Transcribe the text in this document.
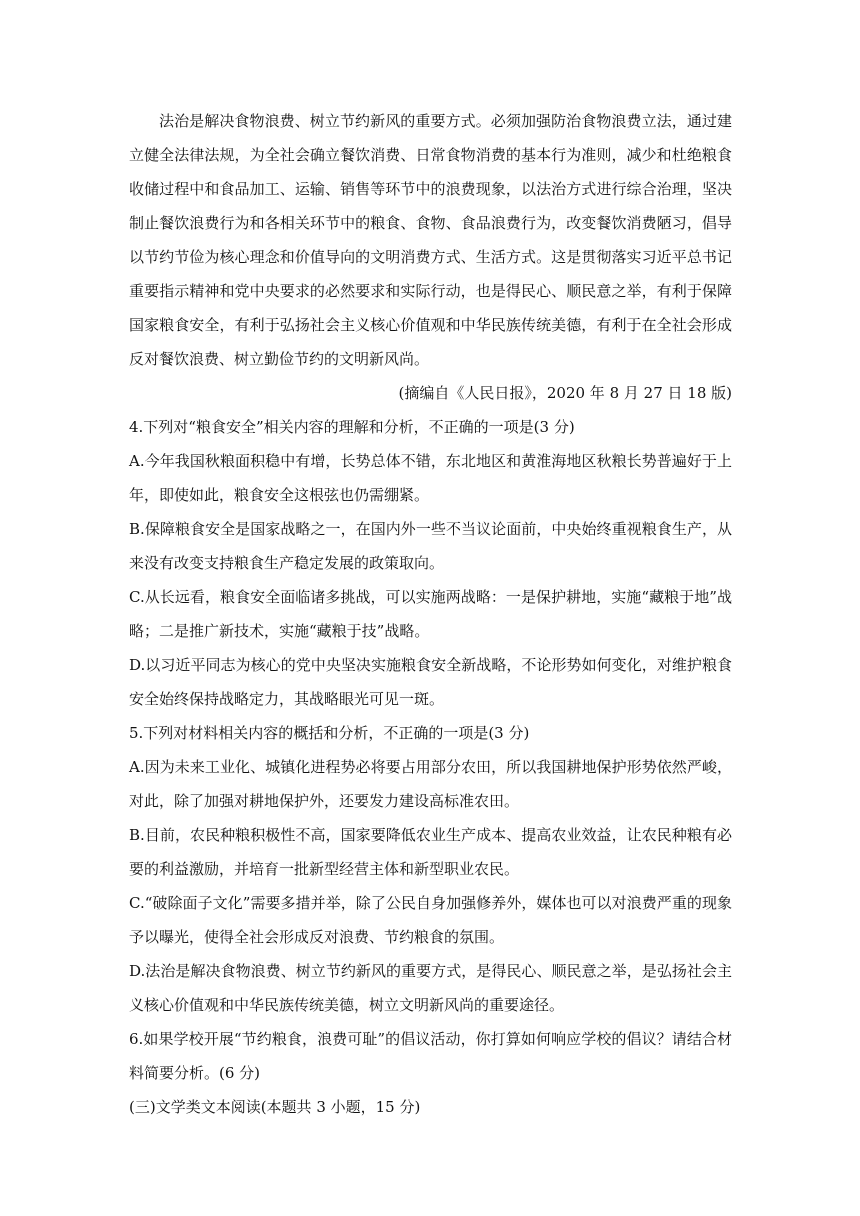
法治是解决食物浪费、树立节约新风的重要方式。必须加强防治食物浪费立法，通过建立健全法律法规，为全社会确立餐饮消费、日常食物消费的基本行为准则，减少和杜绝粮食收储过程中和食品加工、运输、销售等环节中的浪费现象，以法治方式进行综合治理，坚决制止餐饮浪费行为和各相关环节中的粮食、食物、食品浪费行为，改变餐饮消费陋习，倡导以节约节俭为核心理念和价值导向的文明消费方式、生活方式。这是贯彻落实习近平总书记重要指示精神和党中央要求的必然要求和实际行动，也是得民心、顺民意之举，有利于保障国家粮食安全，有利于弘扬社会主义核心价值观和中华民族传统美德，有利于在全社会形成反对餐饮浪费、树立勤俭节约的文明新风尚。

(摘编自《人民日报》，2020 年 8 月 27 日 18 版)

4.下列对“粮食安全”相关内容的理解和分析，不正确的一项是(3 分)

A.今年我国秋粮面积稳中有增，长势总体不错，东北地区和黄淮海地区秋粮长势普遍好于上年，即使如此，粮食安全这根弦也仍需绷紧。

B.保障粮食安全是国家战略之一，在国内外一些不当议论面前，中央始终重视粮食生产，从来没有改变支持粮食生产稳定发展的政策取向。

C.从长远看，粮食安全面临诸多挑战，可以实施两战略：一是保护耕地，实施“藏粮于地”战略；二是推广新技术，实施“藏粮于技”战略。

D.以习近平同志为核心的党中央坚决实施粮食安全新战略，不论形势如何变化，对维护粮食安全始终保持战略定力，其战略眼光可见一斑。

5.下列对材料相关内容的概括和分析，不正确的一项是(3 分)

A.因为未来工业化、城镇化进程势必将要占用部分农田，所以我国耕地保护形势依然严峻，对此，除了加强对耕地保护外，还要发力建设高标准农田。

B.目前，农民种粮积极性不高，国家要降低农业生产成本、提高农业效益，让农民种粮有必要的利益激励，并培育一批新型经营主体和新型职业农民。

C.“破除面子文化”需要多措并举，除了公民自身加强修养外，媒体也可以对浪费严重的现象予以曝光，使得全社会形成反对浪费、节约粮食的氛围。

D.法治是解决食物浪费、树立节约新风的重要方式，是得民心、顺民意之举，是弘扬社会主义核心价值观和中华民族传统美德，树立文明新风尚的重要途径。

6.如果学校开展“节约粮食，浪费可耻”的倡议活动，你打算如何响应学校的倡议？请结合材料简要分析。(6 分)

(三)文学类文本阅读(本题共 3 小题，15 分)
